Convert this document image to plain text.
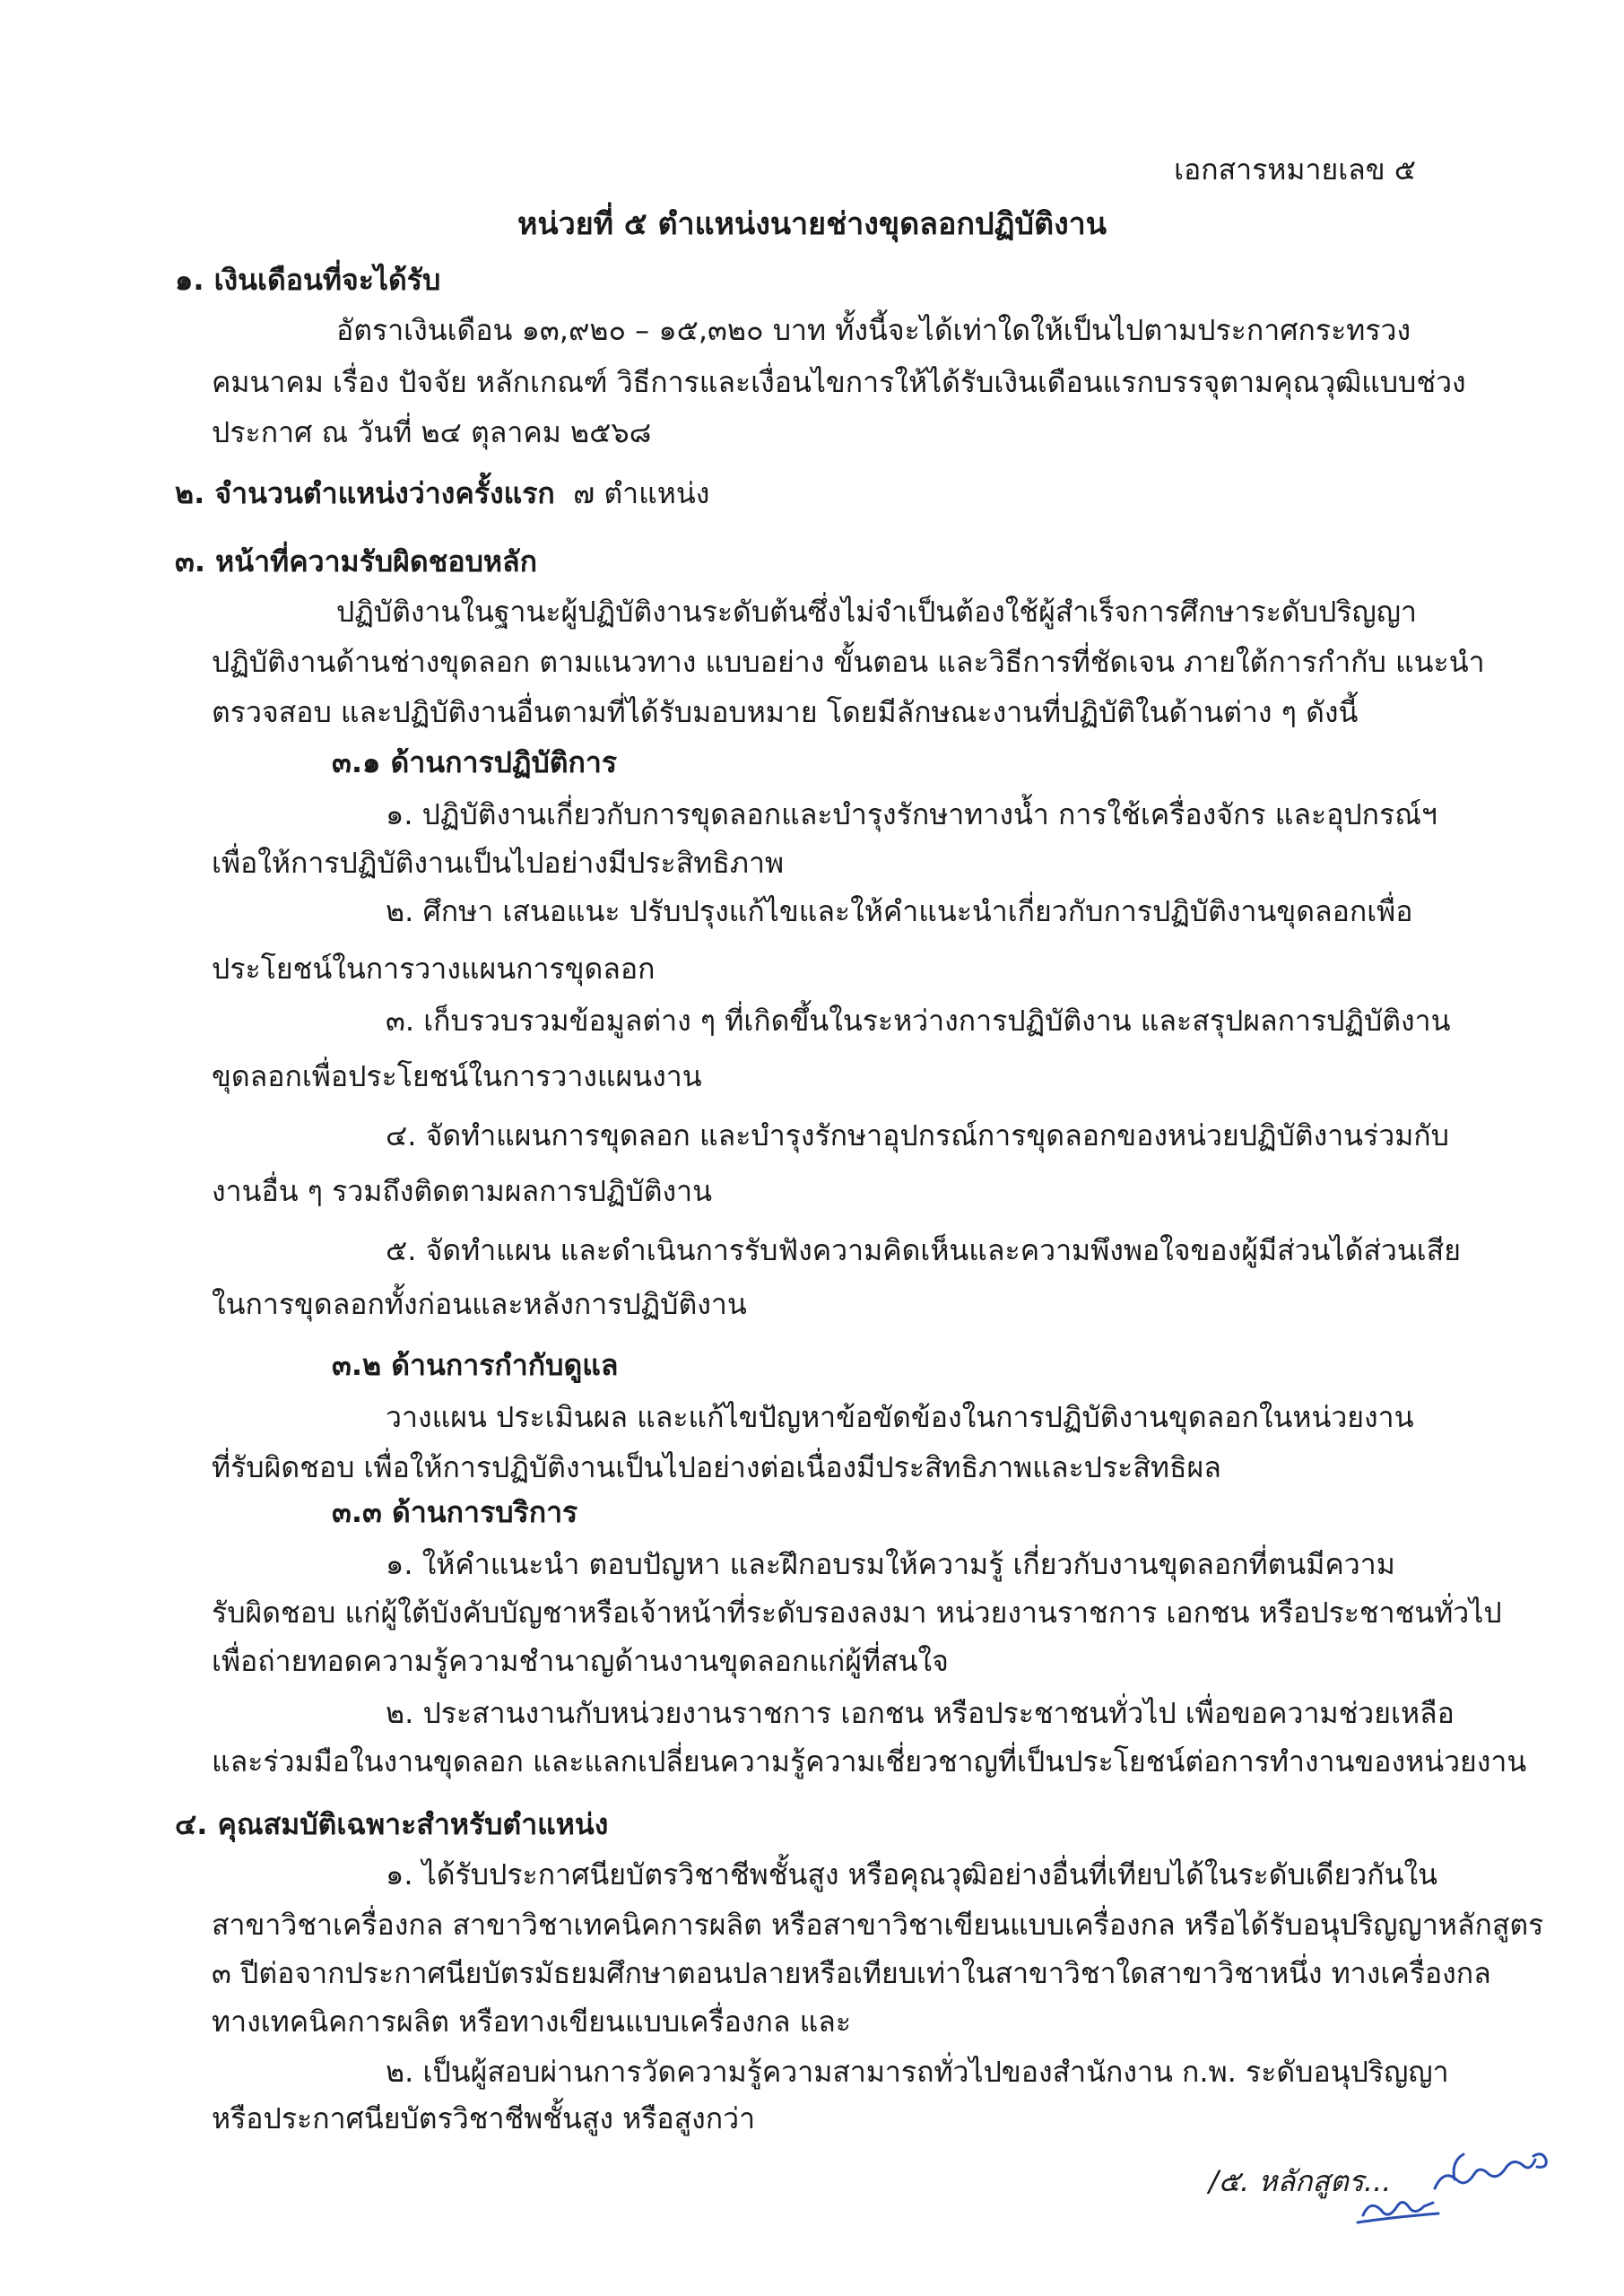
เอกสารหมายเลข ๕
หน่วยที่ ๕ ตำแหน่งนายช่างขุดลอกปฏิบัติงาน
๑. เงินเดือนที่จะได้รับ
อัตราเงินเดือน ๑๓,๙๒๐ – ๑๕,๓๒๐ บาท ทั้งนี้จะได้เท่าใดให้เป็นไปตามประกาศกระทรวง
คมนาคม เรื่อง ปัจจัย หลักเกณฑ์ วิธีการและเงื่อนไขการให้ได้รับเงินเดือนแรกบรรจุตามคุณวุฒิแบบช่วง
ประกาศ ณ วันที่ ๒๔ ตุลาคม ๒๕๖๘
๒. จำนวนตำแหน่งว่างครั้งแรก ๗ ตำแหน่ง
๓. หน้าที่ความรับผิดชอบหลัก
ปฏิบัติงานในฐานะผู้ปฏิบัติงานระดับต้นซึ่งไม่จำเป็นต้องใช้ผู้สำเร็จการศึกษาระดับปริญญา
ปฏิบัติงานด้านช่างขุดลอก ตามแนวทาง แบบอย่าง ขั้นตอน และวิธีการที่ชัดเจน ภายใต้การกำกับ แนะนำ
ตรวจสอบ และปฏิบัติงานอื่นตามที่ได้รับมอบหมาย โดยมีลักษณะงานที่ปฏิบัติในด้านต่าง ๆ ดังนี้
๓.๑ ด้านการปฏิบัติการ
๑. ปฏิบัติงานเกี่ยวกับการขุดลอกและบำรุงรักษาทางน้ำ การใช้เครื่องจักร และอุปกรณ์ฯ
เพื่อให้การปฏิบัติงานเป็นไปอย่างมีประสิทธิภาพ
๒. ศึกษา เสนอแนะ ปรับปรุงแก้ไขและให้คำแนะนำเกี่ยวกับการปฏิบัติงานขุดลอกเพื่อ
ประโยชน์ในการวางแผนการขุดลอก
๓. เก็บรวบรวมข้อมูลต่าง ๆ ที่เกิดขึ้นในระหว่างการปฏิบัติงาน และสรุปผลการปฏิบัติงาน
ขุดลอกเพื่อประโยชน์ในการวางแผนงาน
๔. จัดทำแผนการขุดลอก และบำรุงรักษาอุปกรณ์การขุดลอกของหน่วยปฏิบัติงานร่วมกับ
งานอื่น ๆ รวมถึงติดตามผลการปฏิบัติงาน
๕. จัดทำแผน และดำเนินการรับฟังความคิดเห็นและความพึงพอใจของผู้มีส่วนได้ส่วนเสีย
ในการขุดลอกทั้งก่อนและหลังการปฏิบัติงาน
๓.๒ ด้านการกำกับดูแล
วางแผน ประเมินผล และแก้ไขปัญหาข้อขัดข้องในการปฏิบัติงานขุดลอกในหน่วยงาน
ที่รับผิดชอบ เพื่อให้การปฏิบัติงานเป็นไปอย่างต่อเนื่องมีประสิทธิภาพและประสิทธิผล
๓.๓ ด้านการบริการ
๑. ให้คำแนะนำ ตอบปัญหา และฝึกอบรมให้ความรู้ เกี่ยวกับงานขุดลอกที่ตนมีความ
รับผิดชอบ แก่ผู้ใต้บังคับบัญชาหรือเจ้าหน้าที่ระดับรองลงมา หน่วยงานราชการ เอกชน หรือประชาชนทั่วไป
เพื่อถ่ายทอดความรู้ความชำนาญด้านงานขุดลอกแก่ผู้ที่สนใจ
๒. ประสานงานกับหน่วยงานราชการ เอกชน หรือประชาชนทั่วไป เพื่อขอความช่วยเหลือ
และร่วมมือในงานขุดลอก และแลกเปลี่ยนความรู้ความเชี่ยวชาญที่เป็นประโยชน์ต่อการทำงานของหน่วยงาน
๔. คุณสมบัติเฉพาะสำหรับตำแหน่ง
๑. ได้รับประกาศนียบัตรวิชาชีพชั้นสูง หรือคุณวุฒิอย่างอื่นที่เทียบได้ในระดับเดียวกันใน
สาขาวิชาเครื่องกล สาขาวิชาเทคนิคการผลิต หรือสาขาวิชาเขียนแบบเครื่องกล หรือได้รับอนุปริญญาหลักสูตร
๓ ปีต่อจากประกาศนียบัตรมัธยมศึกษาตอนปลายหรือเทียบเท่าในสาขาวิชาใดสาขาวิชาหนึ่ง ทางเครื่องกล
ทางเทคนิคการผลิต หรือทางเขียนแบบเครื่องกล และ
๒. เป็นผู้สอบผ่านการวัดความรู้ความสามารถทั่วไปของสำนักงาน ก.พ. ระดับอนุปริญญา
หรือประกาศนียบัตรวิชาชีพชั้นสูง หรือสูงกว่า
/๕. หลักสูตร...
